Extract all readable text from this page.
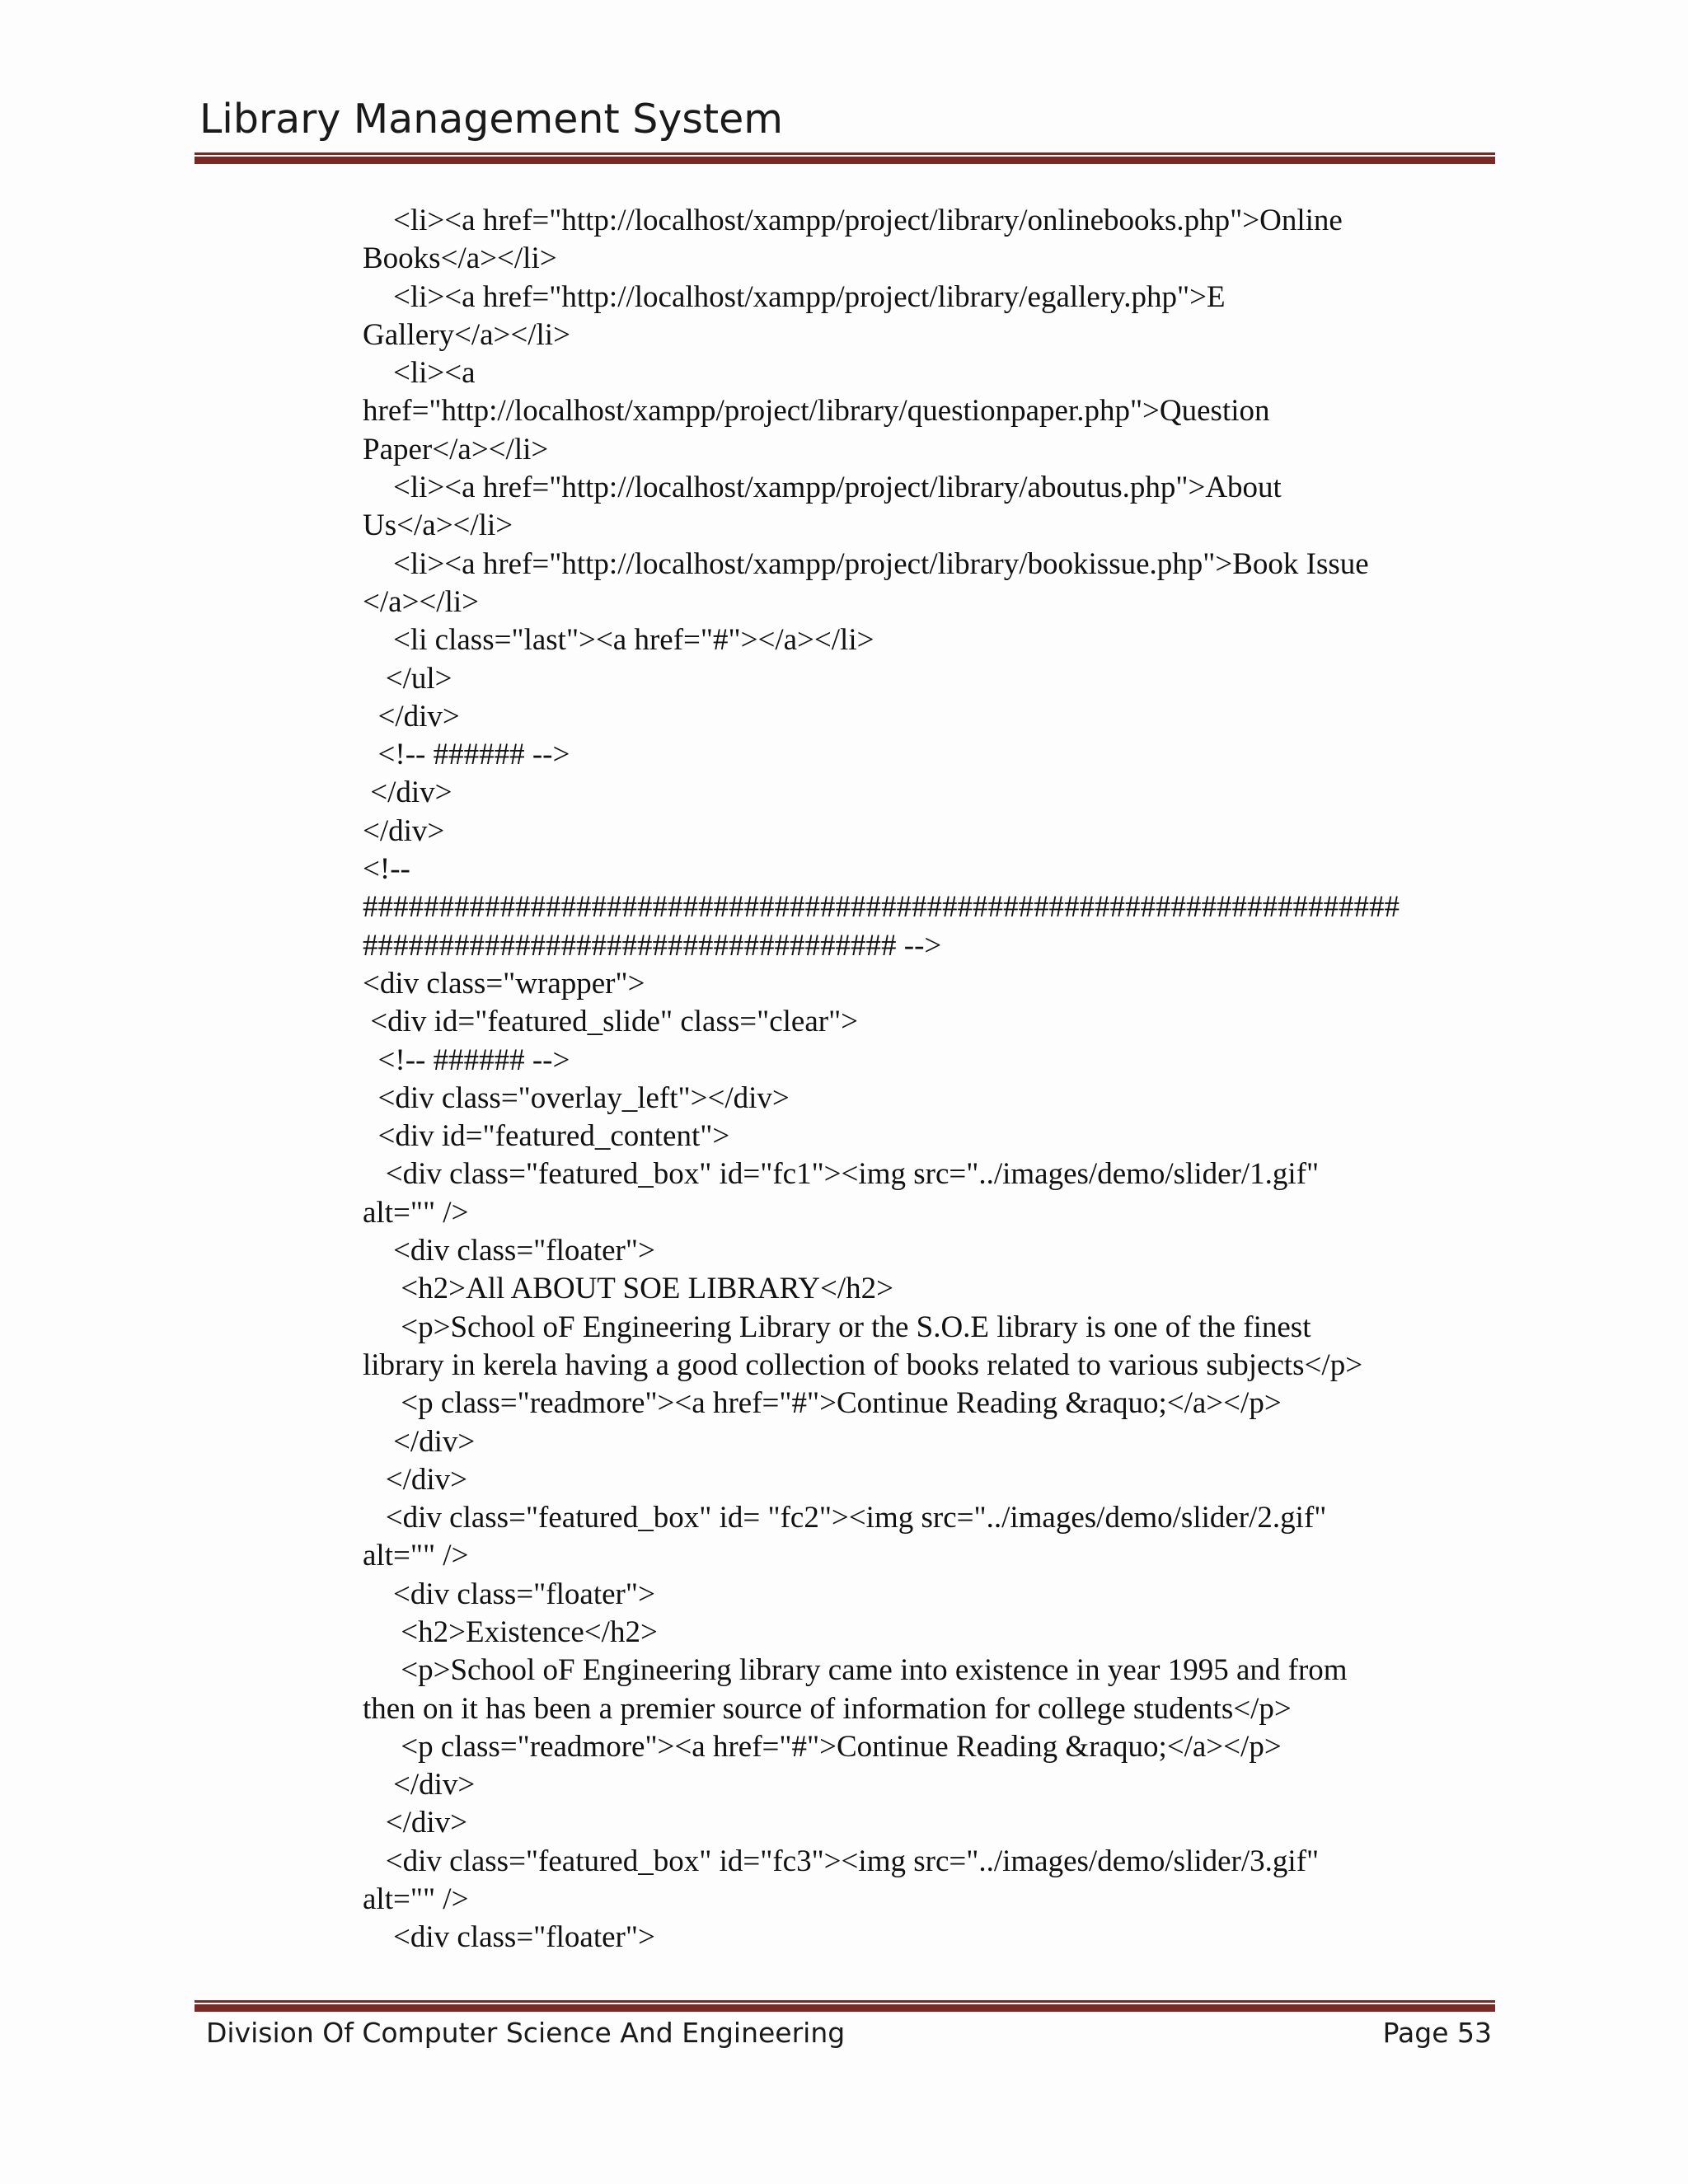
Library Management System
<li><a href="http://localhost/xampp/project/library/onlinebooks.php">Online
Books</a></li>
<li><a href="http://localhost/xampp/project/library/egallery.php">E
Gallery</a></li>
<li><a
href="http://localhost/xampp/project/library/questionpaper.php">Question
Paper</a></li>
<li><a href="http://localhost/xampp/project/library/aboutus.php">About
Us</a></li>
<li><a href="http://localhost/xampp/project/library/bookissue.php">Book Issue
</a></li>
<li class="last"><a href="#"></a></li>
</ul>
</div>
<!-- ###### -->
</div>
</div>
<!--
####################################################################
################################### -->
<div class="wrapper">
<div id="featured_slide" class="clear">
<!-- ###### -->
<div class="overlay_left"></div>
<div id="featured_content">
<div class="featured_box" id="fc1"><img src="../images/demo/slider/1.gif"
alt="" />
<div class="floater">
<h2>All ABOUT SOE LIBRARY</h2>
<p>School oF Engineering Library or the S.O.E library is one of the finest
library in kerela having a good collection of books related to various subjects</p>
<p class="readmore"><a href="#">Continue Reading &raquo;</a></p>
</div>
</div>
<div class="featured_box" id= "fc2"><img src="../images/demo/slider/2.gif"
alt="" />
<div class="floater">
<h2>Existence</h2>
<p>School oF Engineering library came into existence in year 1995 and from
then on it has been a premier source of information for college students</p>
<p class="readmore"><a href="#">Continue Reading &raquo;</a></p>
</div>
</div>
<div class="featured_box" id="fc3"><img src="../images/demo/slider/3.gif"
alt="" />
<div class="floater">
Division Of Computer Science And Engineering	Page 53
